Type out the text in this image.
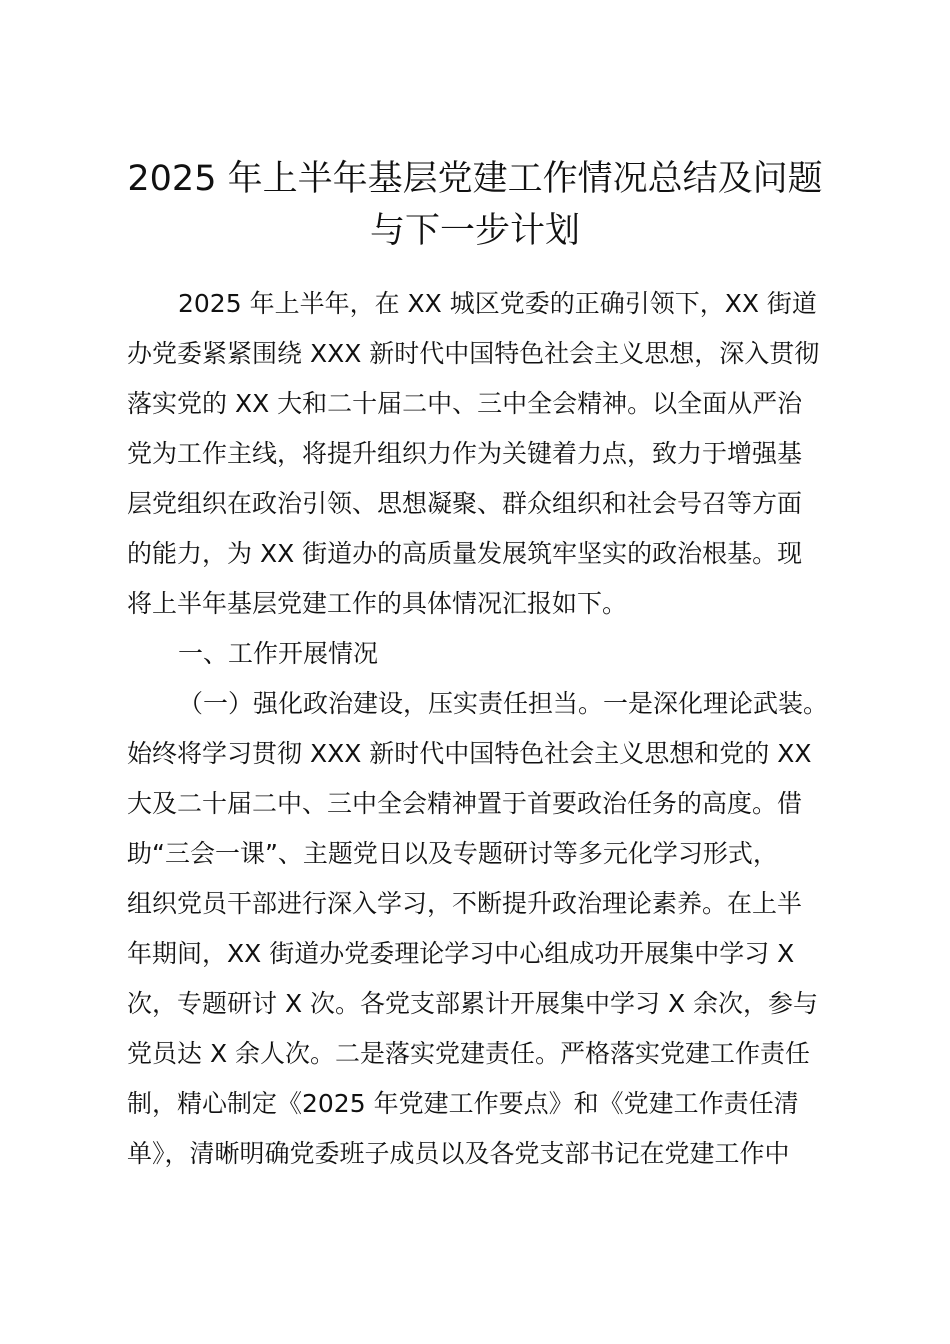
2025 年上半年基层党建工作情况总结及问题
与下一步计划
2025 年上半年，在 XX 城区党委的正确引领下，XX 街道
办党委紧紧围绕 XXX 新时代中国特色社会主义思想，深入贯彻
落实党的 XX 大和二十届二中、三中全会精神。以全面从严治
党为工作主线，将提升组织力作为关键着力点，致力于增强基
层党组织在政治引领、思想凝聚、群众组织和社会号召等方面
的能力，为 XX 街道办的高质量发展筑牢坚实的政治根基。现
将上半年基层党建工作的具体情况汇报如下。
一、工作开展情况
（一）强化政治建设，压实责任担当。一是深化理论武装。
始终将学习贯彻 XXX 新时代中国特色社会主义思想和党的 XX
大及二十届二中、三中全会精神置于首要政治任务的高度。借
助“三会一课”、主题党日以及专题研讨等多元化学习形式，
组织党员干部进行深入学习，不断提升政治理论素养。在上半
年期间，XX 街道办党委理论学习中心组成功开展集中学习 X
次，专题研讨 X 次。各党支部累计开展集中学习 X 余次，参与
党员达 X 余人次。二是落实党建责任。严格落实党建工作责任
制，精心制定《2025 年党建工作要点》和《党建工作责任清
单》，清晰明确党委班子成员以及各党支部书记在党建工作中
